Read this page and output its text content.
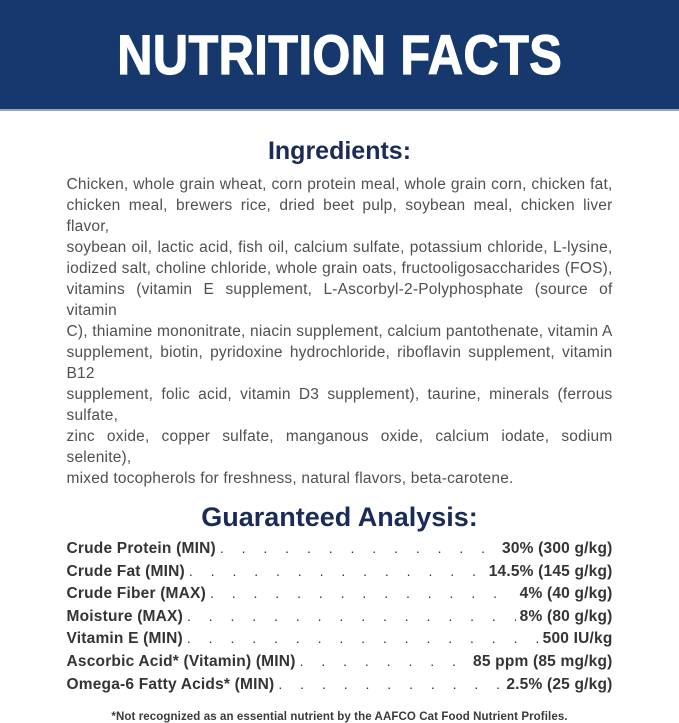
NUTRITION FACTS
Ingredients:
Chicken, whole grain wheat, corn protein meal, whole grain corn, chicken fat,
chicken meal, brewers rice, dried beet pulp, soybean meal, chicken liver flavor,
soybean oil, lactic acid, fish oil, calcium sulfate, potassium chloride, L-lysine,
iodized salt, choline chloride, whole grain oats, fructooligosaccharides (FOS),
vitamins (vitamin E supplement, L-Ascorbyl-2-Polyphosphate (source of vitamin
C), thiamine mononitrate, niacin supplement, calcium pantothenate, vitamin A
supplement, biotin, pyridoxine hydrochloride, riboflavin supplement, vitamin B12
supplement, folic acid, vitamin D3 supplement), taurine, minerals (ferrous sulfate,
zinc oxide, copper sulfate, manganous oxide, calcium iodate, sodium selenite),
mixed tocopherols for freshness, natural flavors, beta-carotene.
Guaranteed Analysis:
Crude Protein (MIN) . . .	30% (300 g/kg)
Crude Fat (MIN) . . .	14.5% (145 g/kg)
Crude Fiber (MAX) . . .	4% (40 g/kg)
Moisture (MAX) . . .	8% (80 g/kg)
Vitamin E (MIN) . . .	500 IU/kg
Ascorbic Acid* (Vitamin) (MIN) . . .	85 ppm (85 mg/kg)
Omega-6 Fatty Acids* (MIN) . . .	2.5% (25 g/kg)

*Not recognized as an essential nutrient by the AAFCO Cat Food Nutrient Profiles.
